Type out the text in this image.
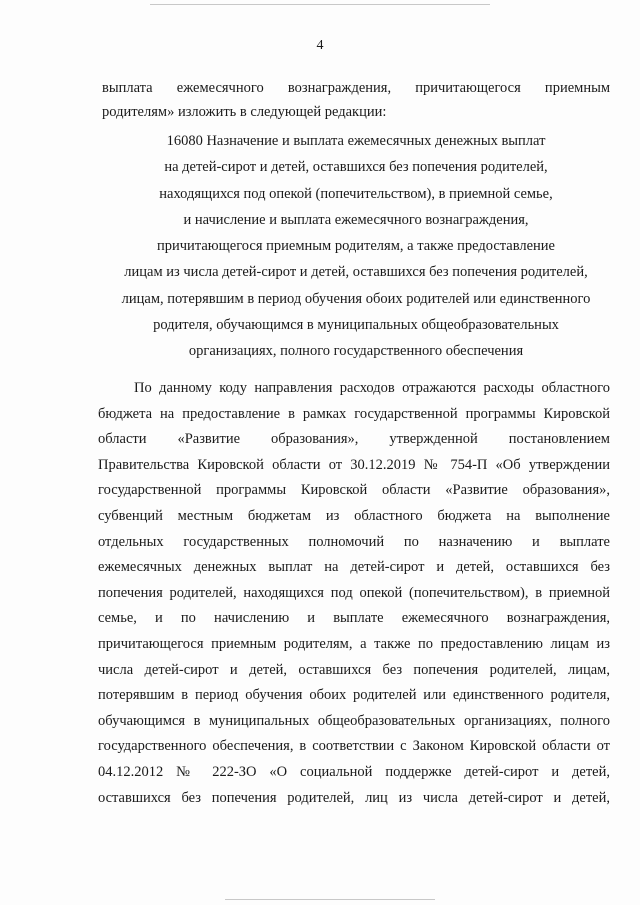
4
выплата ежемесячного вознаграждения, причитающегося приемным
родителям» изложить в следующей редакции:
16080 Назначение и выплата ежемесячных денежных выплат
на детей-сирот и детей, оставшихся без попечения родителей,
находящихся под опекой (попечительством), в приемной семье,
и начисление и выплата ежемесячного вознаграждения,
причитающегося приемным родителям, а также предоставление
лицам из числа детей-сирот и детей, оставшихся без попечения родителей,
лицам, потерявшим в период обучения обоих родителей или единственного
родителя, обучающимся в муниципальных общеобразовательных
организациях, полного государственного обеспечения
По данному коду направления расходов отражаются расходы областного
бюджета на предоставление в рамках государственной программы Кировской
области «Развитие образования», утвержденной постановлением
Правительства Кировской области от 30.12.2019 № 754-П «Об утверждении
государственной программы Кировской области «Развитие образования»,
субвенций местным бюджетам из областного бюджета на выполнение
отдельных государственных полномочий по назначению и выплате
ежемесячных денежных выплат на детей-сирот и детей, оставшихся без
попечения родителей, находящихся под опекой (попечительством), в приемной
семье, и по начислению и выплате ежемесячного вознаграждения,
причитающегося приемным родителям, а также по предоставлению лицам из
числа детей-сирот и детей, оставшихся без попечения родителей, лицам,
потерявшим в период обучения обоих родителей или единственного родителя,
обучающимся в муниципальных общеобразовательных организациях, полного
государственного обеспечения, в соответствии с Законом Кировской области от
04.12.2012 № 222-ЗО «О социальной поддержке детей-сирот и детей,
оставшихся без попечения родителей, лиц из числа детей-сирот и детей,
